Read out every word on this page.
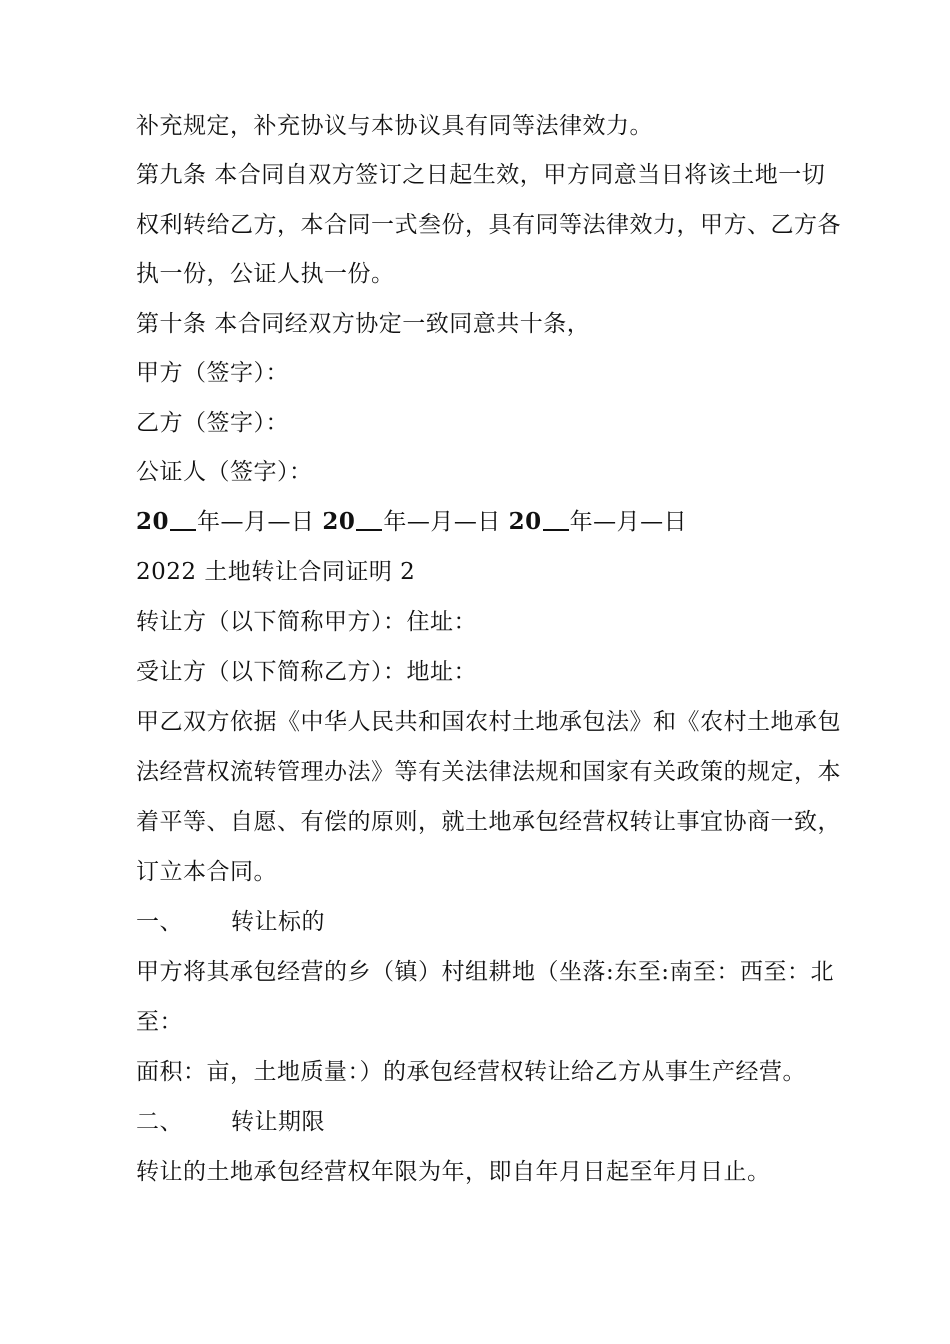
补充规定，补充协议与本协议具有同等法律效力。
第九条 本合同自双方签订之日起生效，甲方同意当日将该土地一切
权利转给乙方，本合同一式叁份，具有同等法律效力，甲方、乙方各
执一份，公证人执一份。
第十条 本合同经双方协定一致同意共十条，
甲方（签字）：
乙方（签字）：
公证人（签字）：
20 年—月—日 20 年—月—日 20 年—月—日
2022 土地转让合同证明 2
转让方（以下简称甲方）：住址：
受让方（以下简称乙方）：地址：
甲乙双方依据《中华人民共和国农村土地承包法》和《农村土地承包
法经营权流转管理办法》等有关法律法规和国家有关政策的规定，本
着平等、自愿、有偿的原则，就土地承包经营权转让事宜协商一致，
订立本合同。
一、 转让标的
甲方将其承包经营的乡（镇）村组耕地（坐落:东至:南至：西至：北
至：
面积：亩，土地质量：）的承包经营权转让给乙方从事生产经营。
二、 转让期限
转让的土地承包经营权年限为年，即自年月日起至年月日止。
